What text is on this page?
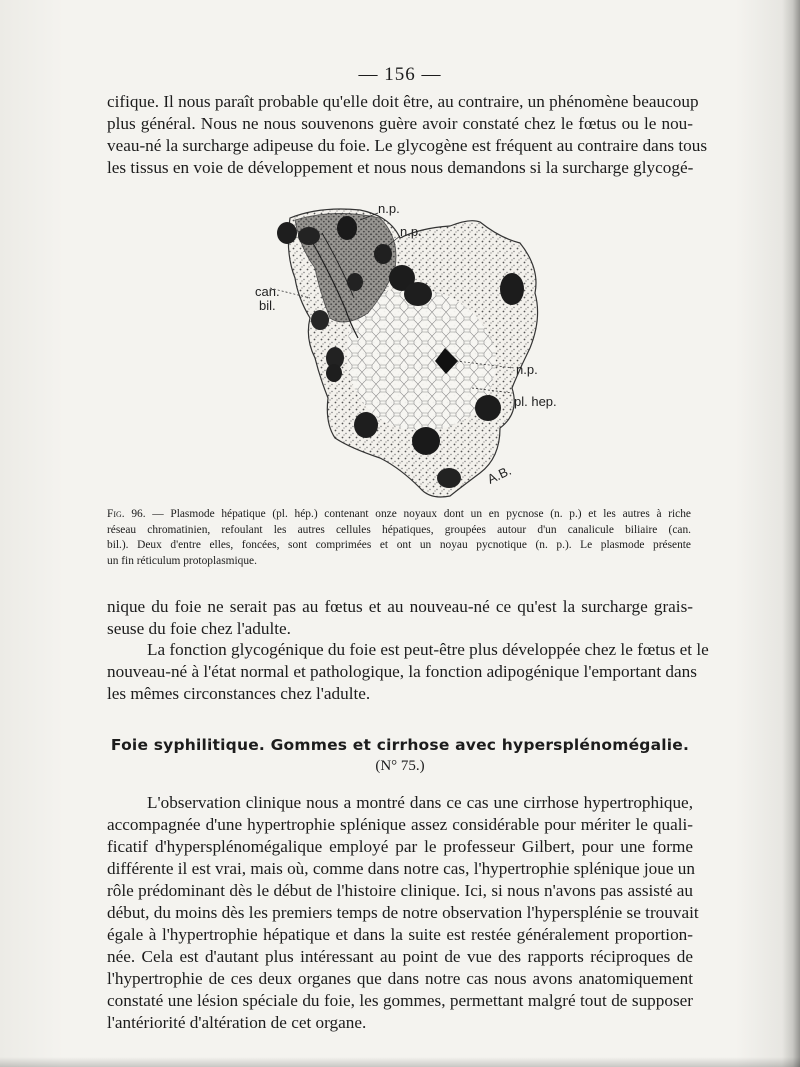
— 156 —
cifique. Il nous paraît probable qu'elle doit être, au contraire, un phénomène beaucoup
plus général. Nous ne nous souvenons guère avoir constaté chez le fœtus ou le nou-
veau-né la surcharge adipeuse du foie. Le glycogène est fréquent au contraire dans tous
les tissus en voie de développement et nous nous demandons si la surcharge glycogé-
n.p.
n.p.
can.
bil.
n.p.
pl. hep.
A.B.
Fig. 96. — Plasmode hépatique (pl. hép.) contenant onze noyaux dont un en pycnose (n. p.) et les autres à riche
réseau chromatinien, refoulant les autres cellules hépatiques, groupées autour d'un canalicule biliaire (can.
bil.). Deux d'entre elles, foncées, sont comprimées et ont un noyau pycnotique (n. p.). Le plasmode présente
un fin réticulum protoplasmique.
nique du foie ne serait pas au fœtus et au nouveau-né ce qu'est la surcharge grais-
seuse du foie chez l'adulte.
La fonction glycogénique du foie est peut-être plus développée chez le fœtus et le
nouveau-né à l'état normal et pathologique, la fonction adipogénique l'emportant dans
les mêmes circonstances chez l'adulte.
Foie syphilitique. Gommes et cirrhose avec hypersplénomégalie.
(N° 75.)
L'observation clinique nous a montré dans ce cas une cirrhose hypertrophique,
accompagnée d'une hypertrophie splénique assez considérable pour mériter le quali-
ficatif d'hypersplénomégalique employé par le professeur Gilbert, pour une forme
différente il est vrai, mais où, comme dans notre cas, l'hypertrophie splénique joue un
rôle prédominant dès le début de l'histoire clinique. Ici, si nous n'avons pas assisté au
début, du moins dès les premiers temps de notre observation l'hypersplénie se trouvait
égale à l'hypertrophie hépatique et dans la suite est restée généralement proportion-
née. Cela est d'autant plus intéressant au point de vue des rapports réciproques de
l'hypertrophie de ces deux organes que dans notre cas nous avons anatomiquement
constaté une lésion spéciale du foie, les gommes, permettant malgré tout de supposer
l'antériorité d'altération de cet organe.
